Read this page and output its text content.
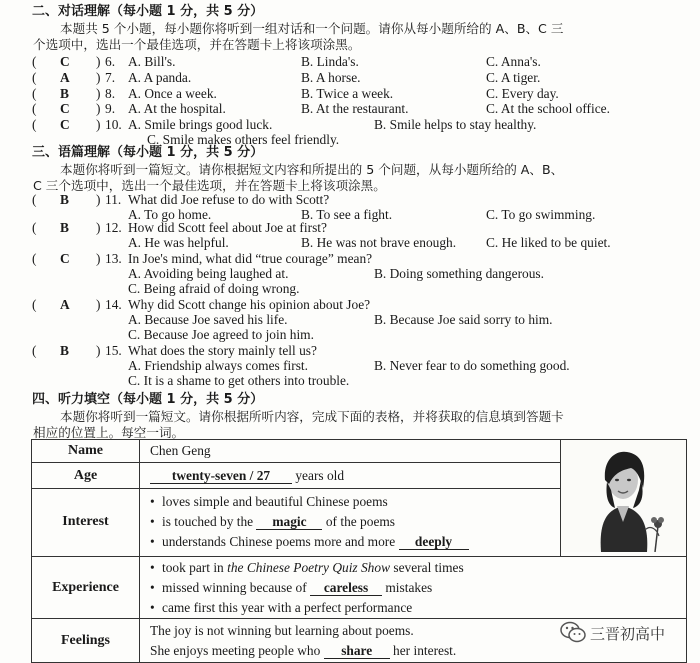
二、对话理解（每小题 1 分，共 5 分）
本题共 5 个小题，每小题你将听到一组对话和一个问题。请你从每小题所给的 A、B、C 三
个选项中，选出一个最佳选项，并在答题卡上将该项涂黑。
( C ) 6. A. Bill's.	B. Linda's.	C. Anna's.
( A ) 7. A. A panda.	B. A horse.	C. A tiger.
( B ) 8. A. Once a week.	B. Twice a week.	C. Every day.
( C ) 9. A. At the hospital.	B. At the restaurant.	C. At the school office.
( C ) 10. A. Smile brings good luck.	B. Smile helps to stay healthy.
C. Smile makes others feel friendly.
三、语篇理解（每小题 1 分，共 5 分）
本题你将听到一篇短文。请你根据短文内容和所提出的 5 个问题，从每小题所给的 A、B、
C 三个选项中，选出一个最佳选项，并在答题卡上将该项涂黑。
( B ) 11. What did Joe refuse to do with Scott?
A. To go home.	B. To see a fight.	C. To go swimming.
( B ) 12. How did Scott feel about Joe at first?
A. He was helpful.	B. He was not brave enough. C. He liked to be quiet.
( C ) 13. In Joe's mind, what did “true courage” mean?
A. Avoiding being laughed at.	B. Doing something dangerous.
C. Being afraid of doing wrong.
( A ) 14. Why did Scott change his opinion about Joe?
A. Because Joe saved his life.	B. Because Joe said sorry to him.
C. Because Joe agreed to join him.
( B ) 15. What does the story mainly tell us?
A. Friendship always comes first.	B. Never fear to do something good.
C. It is a shame to get others into trouble.
四、听力填空（每小题 1 分，共 5 分）
本题你将听到一篇短文。请你根据所听内容，完成下面的表格，并将获取的信息填到答题卡
相应的位置上。每空一词。
Name	Chen Geng	
Age	twenty-seven / 27 years old	
Interest	• loves simple and beautiful Chinese poems
• is touched by the magic of the poems
• understands Chinese poems more and more deeply	

Experience	• took part in the Chinese Poetry Quiz Show several times
• missed winning because of careless mistakes
• came first this year with a perfect performance	

Feelings	The joy is not winning but learning about poems.
She enjoys meeting people who share her interest.	
三晋初高中
